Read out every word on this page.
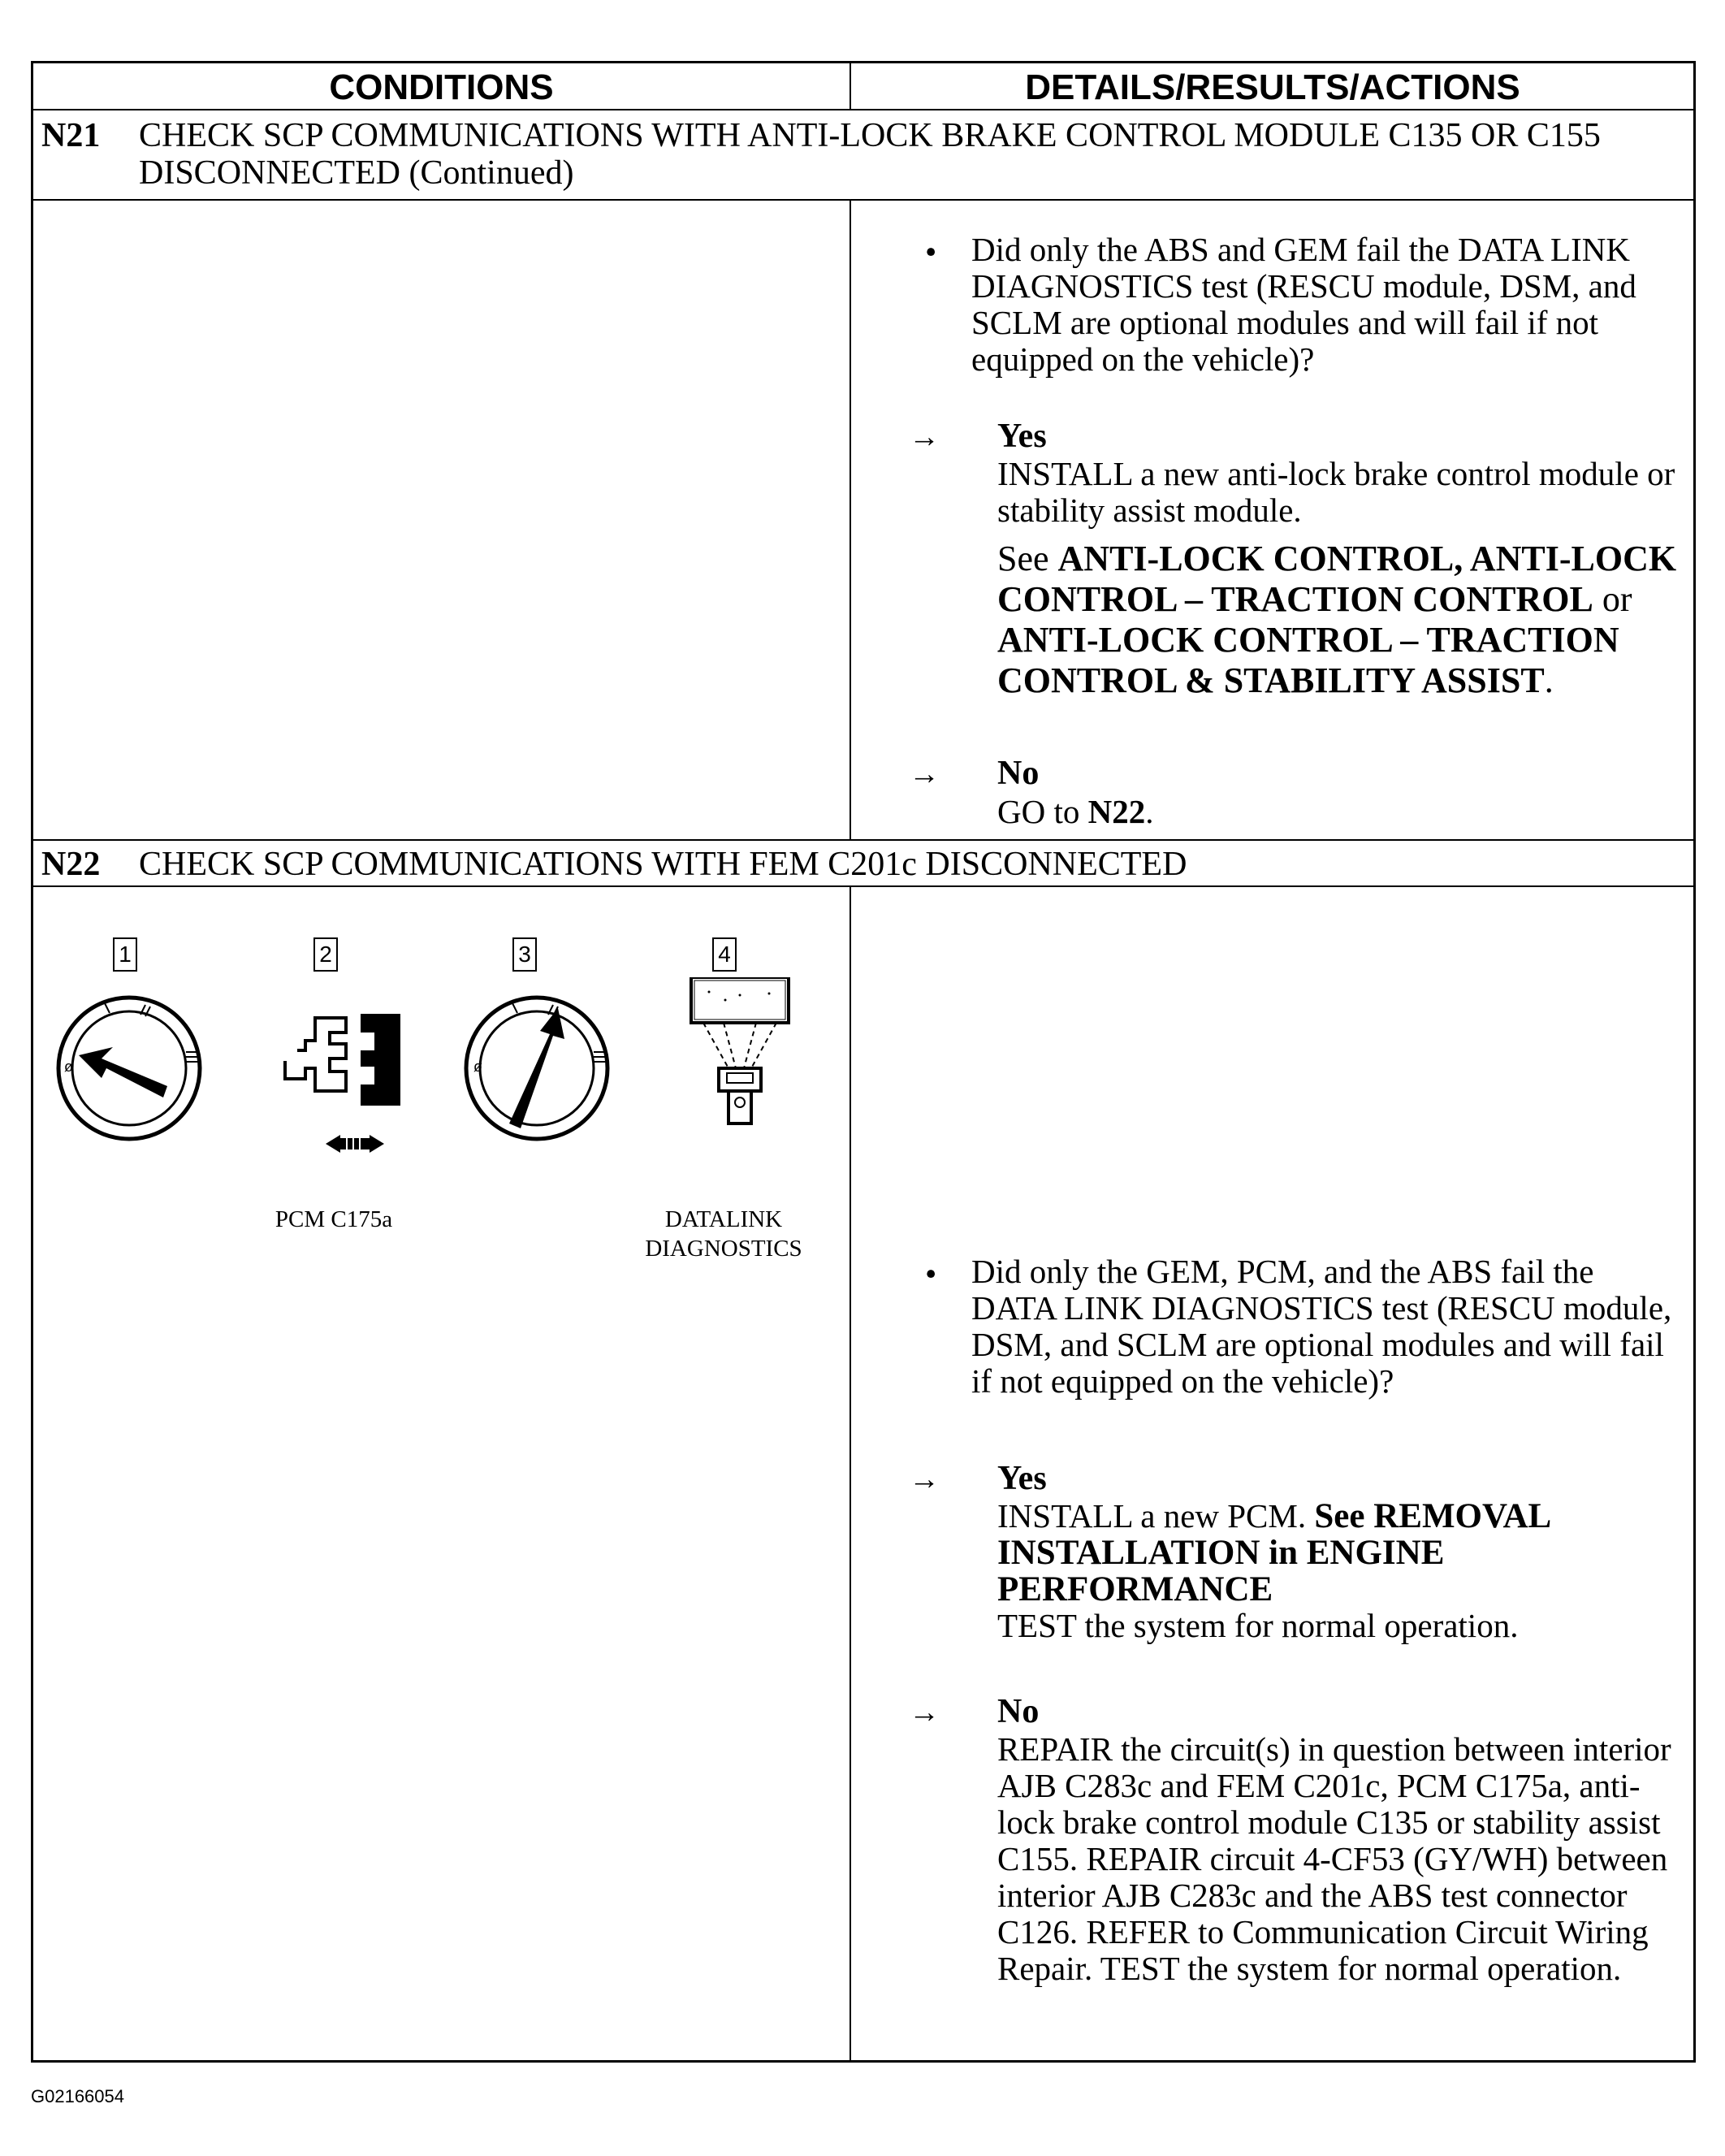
CONDITIONS	DETAILS/RESULTS/ACTIONS
N21 CHECK SCP COMMUNICATIONS WITH ANTI-LOCK BRAKE CONTROL MODULE C135 OR C155 DISCONNECTED (Continued)
• Did only the ABS and GEM fail the DATA LINK DIAGNOSTICS test (RESCU module, DSM, and SCLM are optional modules and will fail if not equipped on the vehicle)?
→ Yes
INSTALL a new anti-lock brake control module or stability assist module.
See ANTI-LOCK CONTROL, ANTI-LOCK CONTROL – TRACTION CONTROL or ANTI-LOCK CONTROL – TRACTION CONTROL & STABILITY ASSIST.
→ No
GO to N22.
N22 CHECK SCP COMMUNICATIONS WITH FEM C201c DISCONNECTED
1	2	3	4
ø	ø
PCM C175a	DATALINK
DIAGNOSTICS
• Did only the GEM, PCM, and the ABS fail the DATA LINK DIAGNOSTICS test (RESCU module, DSM, and SCLM are optional modules and will fail if not equipped on the vehicle)?
→ Yes
INSTALL a new PCM. See REMOVAL INSTALLATION in ENGINE PERFORMANCE
TEST the system for normal operation.
→ No
REPAIR the circuit(s) in question between interior AJB C283c and FEM C201c, PCM C175a, anti-lock brake control module C135 or stability assist C155. REPAIR circuit 4-CF53 (GY/WH) between interior AJB C283c and the ABS test connector C126. REFER to Communication Circuit Wiring Repair. TEST the system for normal operation.
G02166054
